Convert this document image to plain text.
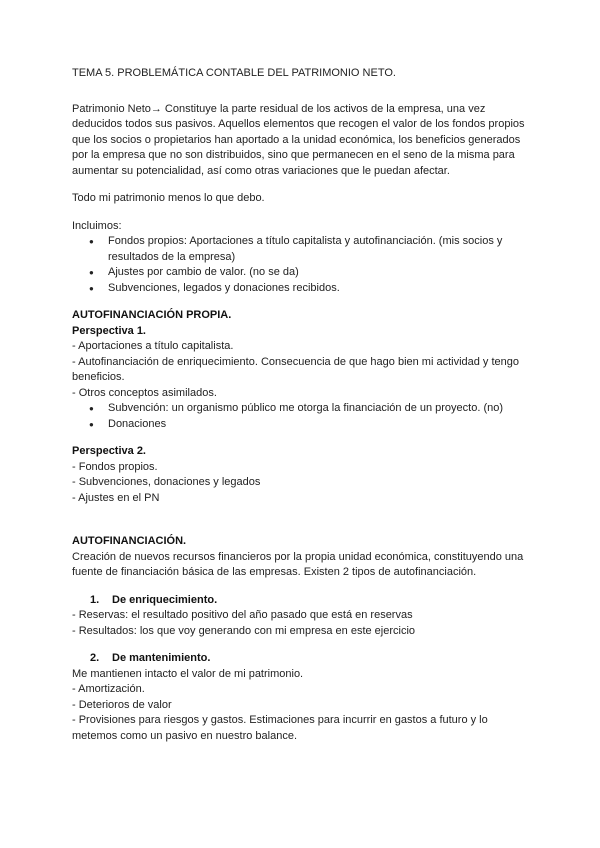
TEMA 5. PROBLEMÁTICA CONTABLE DEL PATRIMONIO NETO.

Patrimonio Neto→ Constituye la parte residual de los activos de la empresa, una vez deducidos todos sus pasivos. Aquellos elementos que recogen el valor de los fondos propios que los socios o propietarios han aportado a la unidad económica, los beneficios generados por la empresa que no son distribuidos, sino que permanecen en el seno de la misma para aumentar su potencialidad, así como otras variaciones que le puedan afectar.

Todo mi patrimonio menos lo que debo.

Incluimos:

● Fondos propios: Aportaciones a título capitalista y autofinanciación. (mis socios y resultados de la empresa)
● Ajustes por cambio de valor. (no se da)
● Subvenciones, legados y donaciones recibidos.

AUTOFINANCIACIÓN PROPIA.

Perspectiva 1.

- Aportaciones a título capitalista.

- Autofinanciación de enriquecimiento. Consecuencia de que hago bien mi actividad y tengo beneficios.

- Otros conceptos asimilados.

● Subvención: un organismo público me otorga la financiación de un proyecto. (no)
● Donaciones

Perspectiva 2.

- Fondos propios.

- Subvenciones, donaciones y legados

- Ajustes en el PN

AUTOFINANCIACIÓN.

Creación de nuevos recursos financieros por la propia unidad económica, constituyendo una fuente de financiación básica de las empresas. Existen 2 tipos de autofinanciación.

1. De enriquecimiento.

- Reservas: el resultado positivo del año pasado que está en reservas

- Resultados: los que voy generando con mi empresa en este ejercicio

2. De mantenimiento.

Me mantienen intacto el valor de mi patrimonio.

- Amortización.

- Deterioros de valor

- Provisiones para riesgos y gastos. Estimaciones para incurrir en gastos a futuro y lo metemos como un pasivo en nuestro balance.
